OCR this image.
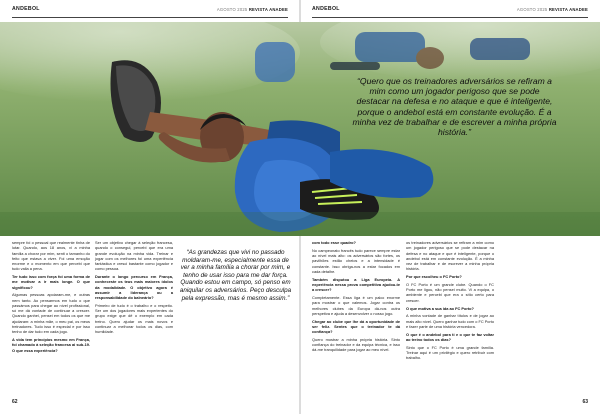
ANDEBOL	AGOSTO 2025 REVISTA ANADEE

sempre foi o pessoal que realmente tinha de lutar. Quando, aos 18 anos, vi a minha família a chorar por mim, senti o tamanho do feito que estava a viver. Foi uma emoção enorme e o momento em que percebi que tudo valia a pena.

Ter tudo isso com força foi uma forma de me motivar a ir mais longe. O que significou?

Algumas pessoas apoiaram-me, e outras nem tanto. Ao pensarmos em tudo o que passámos para chegar ao nível profissional, só me dá vontade de continuar a crescer. Quando ganhei, pensei em todos os que me ajudaram: a minha mãe, o meu pai, os meus treinadores. Tudo isso é especial e por isso tenho de dar tudo em cada jogo.

A vida tem princípios mesmo em França, foi chamado à seleção francesa ai sub-19. O que essa experiência?

Ser um objetivo chegar à seleção francesa, quando o consegui, percebi que era uma grande evolução na minha vida. Treinar e jogar com os melhores foi uma experiência fantástica e cresci bastante como jogador e como pessoa.

Durante o longo percurso em França, conheceste os teus mais maiores ídolos da modalidade. O objetivo agora é assumir a liderança ou a responsabilidade do balneário?

Primeiro de tudo é o trabalho e o respeito. Ser um dos jogadores mais experientes do grupo exige que dê o exemplo em cada treino. Quero ajudar os mais novos e continuar a melhorar todos os dias, com humildade.

62
ANDEBOL	AGOSTO 2025 REVISTA ANADEE

com todo esse quadro?

No campeonato francês tudo parece sempre estar ao nível mais alto: os adversários são fortes, os pavilhões estão cheios e a intensidade é constante. Isso obriga-nos a estar focados em cada detalhe.

Também disputou a Liga Europeia. A experiência nessa prova competitiva ajudou-te a crescer?

Completamente. Essa liga é um palco enorme para mostrar o que valemos. Jogar contra os melhores clubes da Europa dá-nos outra perspetiva e ajuda a desenvolver o nosso jogo.

Chegar ao clube que lhe dá a oportunidade de ser feliz. Sentes que o treinador te dá confiança?

Quero mostrar a minha própria história. Sinto confiança do treinador e da equipa técnica, e isso dá-me tranquilidade para jogar ao meu nível.

os treinadores adversários se refiram a mim como um jogador perigoso que se pode destacar na defesa e no ataque e que é inteligente, porque o andebol está em constante evolução. É a minha vez de trabalhar e de escrever a minha própria história.

Por que escolheu o FC Porto?

O FC Porto é um grande clube. Quando o FC Porto me ligou, não pensei muito. Vi a equipa, o ambiente e percebi que era o sítio certo para crescer.

O que motiva a sua ida ao FC Porto?

A minha vontade de ganhar títulos e de jogar ao mais alto nível. Quero ganhar tudo com o FC Porto e fazer parte de uma história vencedora.

O que é o andebol para ti e o que te faz voltar ao treino todos os dias?

Sinto que o FC Porto é uma grande família. Treinar aqui é um privilégio e quero retribuir com trabalho.

63
“Quero que os treinadores adversários se refiram a mim como um jogador perigoso que se pode destacar na defesa e no ataque e que é inteligente, porque o andebol está em constante evolução. É a minha vez de trabalhar e de escrever a minha própria história.”
“As grandezas que vivi no passado moldaram-me, especialmente essa de ver a minha família a chorar por mim, e tenho de usar isso para me dar força. Quando estou em campo, só penso em aniquilar os adversários. Peço desculpa pela expressão, mas é mesmo assim.”
